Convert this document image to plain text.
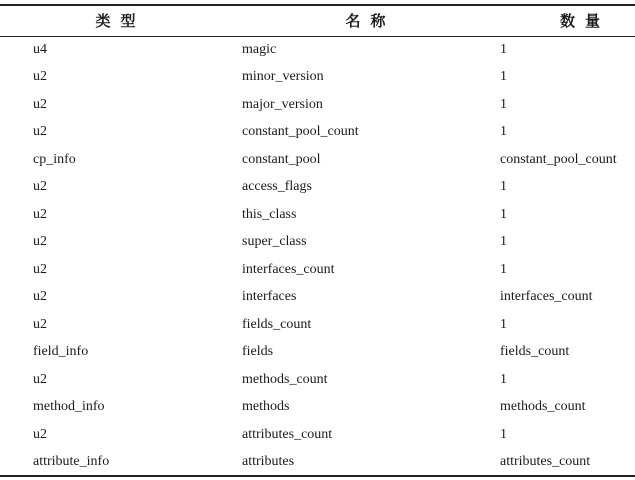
类型	名称	数量
u4	magic	1
u2	minor_version	1
u2	major_version	1
u2	constant_pool_count	1
cp_info	constant_pool	constant_pool_count
u2	access_flags	1
u2	this_class	1
u2	super_class	1
u2	interfaces_count	1
u2	interfaces	interfaces_count
u2	fields_count	1
field_info	fields	fields_count
u2	methods_count	1
method_info	methods	methods_count
u2	attributes_count	1
attribute_info	attributes	attributes_count
